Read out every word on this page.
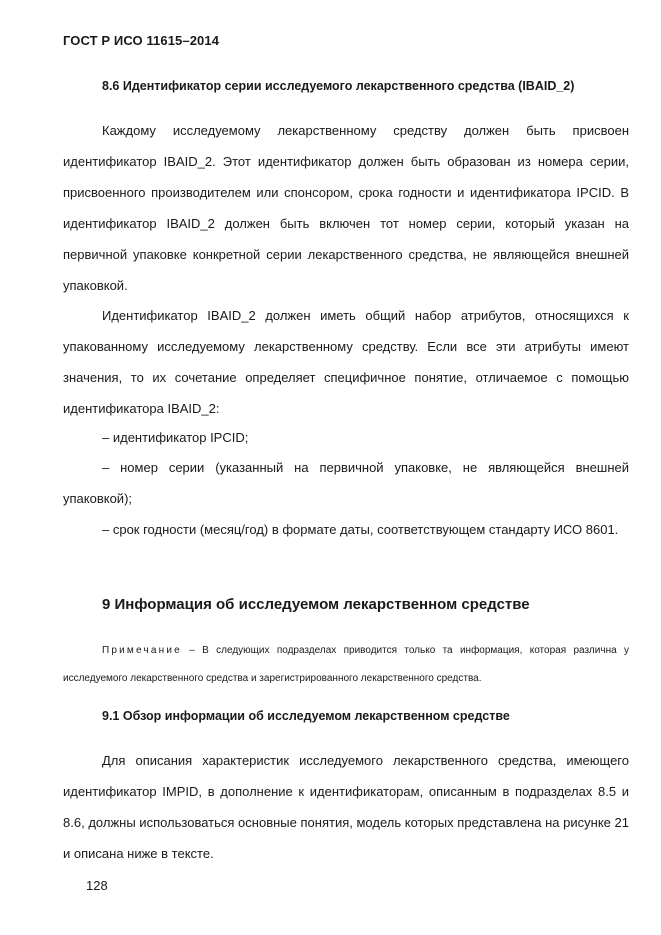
ГОСТ Р ИСО 11615–2014
8.6 Идентификатор серии исследуемого лекарственного средства (IBAID_2)

Каждому исследуемому лекарственному средству должен быть присвоен идентификатор IBAID_2. Этот идентификатор должен быть образован из номера серии, присвоенного производителем или спонсором, срока годности и идентификатора IPCID. В идентификатор IBAID_2 должен быть включен тот номер серии, который указан на первичной упаковке конкретной серии лекарственного средства, не являющейся внешней упаковкой.

Идентификатор IBAID_2 должен иметь общий набор атрибутов, относящихся к упакованному исследуемому лекарственному средству. Если все эти атрибуты имеют значения, то их сочетание определяет специфичное понятие, отличаемое с помощью идентификатора IBAID_2:

– идентификатор IPCID;

– номер серии (указанный на первичной упаковке, не являющейся внешней упаковкой);

– срок годности (месяц/год) в формате даты, соответствующем стандарту ИСО 8601.

9 Информация об исследуемом лекарственном средстве

Примечание – В следующих подразделах приводится только та информация, которая различна у исследуемого лекарственного средства и зарегистрированного лекарственного средства.

9.1 Обзор информации об исследуемом лекарственном средстве

Для описания характеристик исследуемого лекарственного средства, имеющего идентификатор IMPID, в дополнение к идентификаторам, описанным в подразделах 8.5 и 8.6, должны использоваться основные понятия, модель которых представлена на рисунке 21 и описана ниже в тексте.

128
